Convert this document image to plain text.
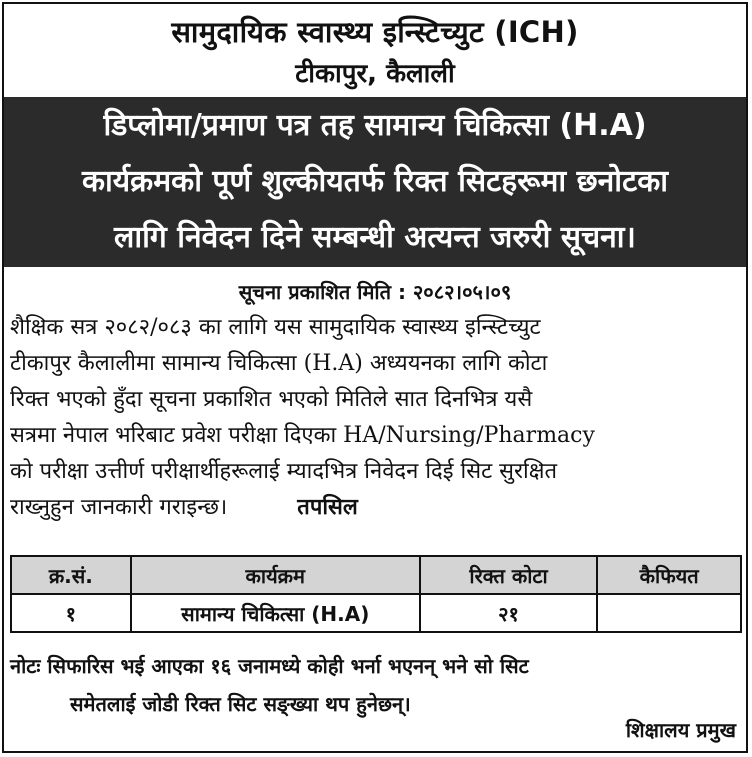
सामुदायिक स्वास्थ्य इन्स्टिच्युट (ICH)
टीकापुर, कैलाली
डिप्लोमा/प्रमाण पत्र तह सामान्य चिकित्सा (H.A)
कार्यक्रमको पूर्ण शुल्कीयतर्फ रिक्त सिटहरूमा छनोटका
लागि निवेदन दिने सम्बन्धी अत्यन्त जरुरी सूचना।
सूचना प्रकाशित मिति : २०८२।०५।०९
शैक्षिक सत्र २०८२/०८३ का लागि यस सामुदायिक स्वास्थ्य इन्स्टिच्युट
टीकापुर कैलालीमा सामान्य चिकित्सा (H.A) अध्ययनका लागि कोटा
रिक्त भएको हुँदा सूचना प्रकाशित भएको मितिले सात दिनभित्र यसै
सत्रमा नेपाल भरिबाट प्रवेश परीक्षा दिएका HA/Nursing/Pharmacy
को परीक्षा उत्तीर्ण परीक्षार्थीहरूलाई म्यादभित्र निवेदन दिई सिट सुरक्षित
राख्नुहुन जानकारी गराइन्छ।	तपसिल
क्र.सं.	कार्यक्रम	रिक्त कोटा	कैफियत
१	सामान्य चिकित्सा (H.A)	२१	
नोटः सिफारिस भई आएका १६ जनामध्ये कोही भर्ना भएनन् भने सो सिट
समेतलाई जोडी रिक्त सिट सङ्ख्या थप हुनेछन्।
शिक्षालय प्रमुख
